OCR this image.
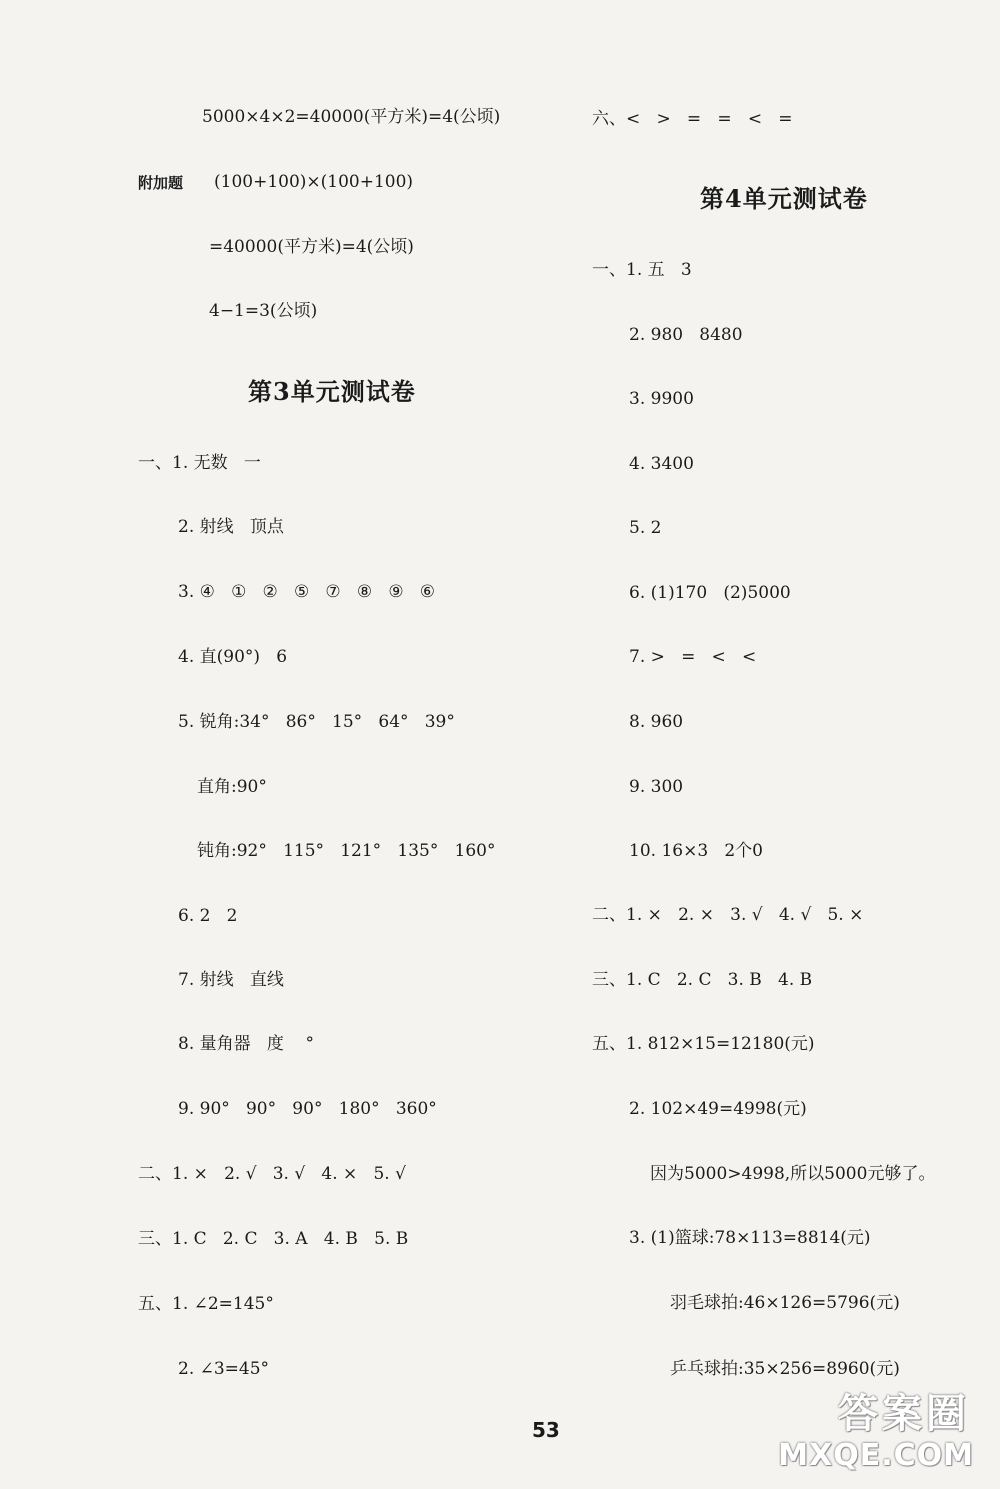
5000×4×2=40000(平方米)=4(公顷)
附加题 (100+100)×(100+100)
=40000(平方米)=4(公顷)
4−1=3(公顷)
第3单元测试卷
一、1. 无数   一
2. 射线   顶点
3. ④   ①   ②   ⑤   ⑦   ⑧   ⑨   ⑥
4. 直(90°)   6
5. 锐角:34°   86°   15°   64°   39°
直角:90°
钝角:92°   115°   121°   135°   160°
6. 2   2
7. 射线   直线
8. 量角器   度    °
9. 90°   90°   90°   180°   360°
二、1. ×   2. √   3. √   4. ×   5. √
三、1. C   2. C   3. A   4. B   5. B
五、1. ∠2=145°
2. ∠3=45°
六、<   >   =   =   <   =
第4单元测试卷
一、1. 五   3
2. 980   8480
3. 9900
4. 3400
5. 2
6. (1)170   (2)5000
7. >   =   <   <
8. 960
9. 300
10. 16×3   2个0
二、1. ×   2. ×   3. √   4. √   5. ×
三、1. C   2. C   3. B   4. B
五、1. 812×15=12180(元)
2. 102×49=4998(元)
因为5000>4998,所以5000元够了。
3. (1)篮球:78×113=8814(元)
羽毛球拍:46×126=5796(元)
乒乓球拍:35×256=8960(元)
53	答案圈
MXQE.COM
